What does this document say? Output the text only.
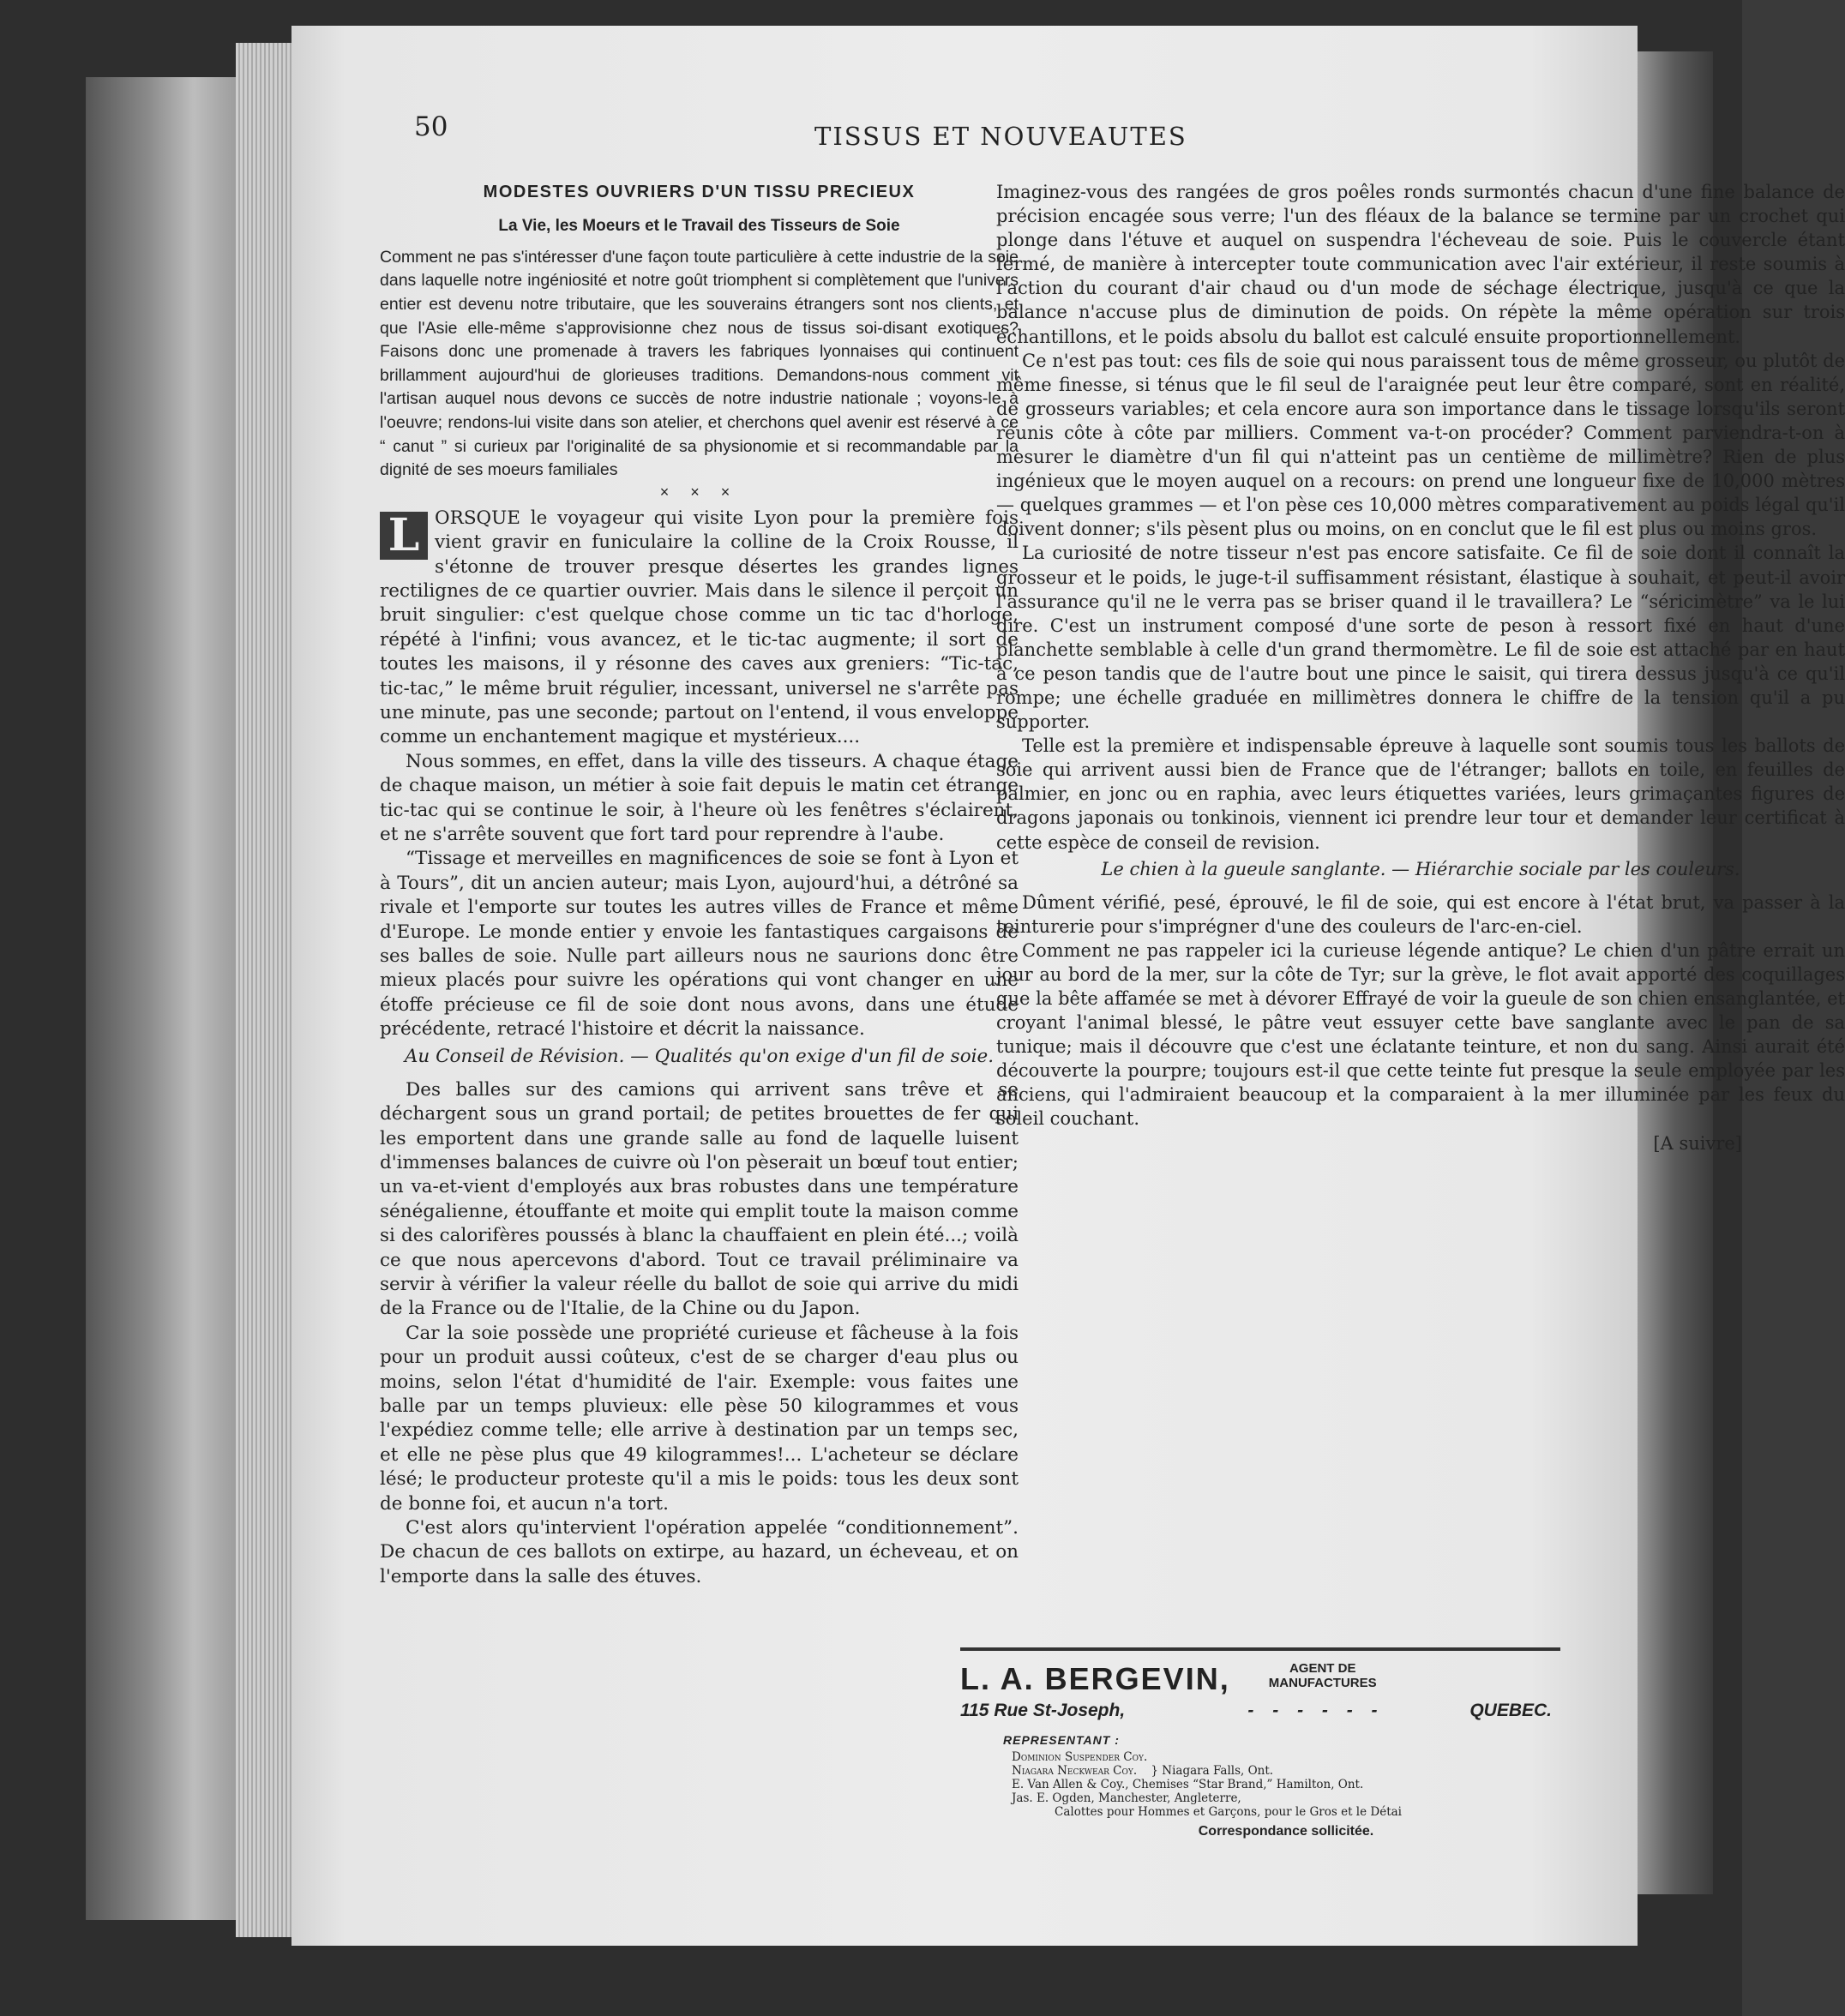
50	TISSUS ET NOUVEAUTES
MODESTES OUVRIERS D'UN TISSU PRECIEUX
La Vie, les Moeurs et le Travail des Tisseurs de Soie
Comment ne pas s'intéresser d'une façon toute particulière à cette industrie de la soie dans laquelle notre ingéniosité et notre goût triomphent si complètement que l'univers entier est devenu notre tributaire, que les souverains étrangers sont nos clients, et que l'Asie elle-même s'approvisionne chez nous de tissus soi-disant exotiques? Faisons donc une promenade à travers les fabriques lyonnaises qui continuent brillamment aujourd'hui de glorieuses traditions. Demandons-nous comment vit l'artisan auquel nous devons ce succès de notre industrie nationale ; voyons-le à l'oeuvre; rendons-lui visite dans son atelier, et cherchons quel avenir est réservé à ce “ canut ” si curieux par l'originalité de sa physionomie et si recommandable par la dignité de ses moeurs familiales
× × ×

L ORSQUE le voyageur qui visite Lyon pour la première fois vient gravir en funiculaire la colline de la Croix Rousse, il s'étonne de trouver presque désertes les grandes lignes rectilignes de ce quartier ouvrier. Mais dans le silence il perçoit un bruit singulier: c'est quelque chose comme un tic tac d'horloge, répété à l'infini; vous avancez, et le tic-tac augmente; il sort de toutes les maisons, il y résonne des caves aux greniers: “Tic-tac, tic-tac,” le même bruit régulier, incessant, universel ne s'arrête pas une minute, pas une seconde; partout on l'entend, il vous enveloppe comme un enchantement magique et mystérieux....

Nous sommes, en effet, dans la ville des tisseurs. A chaque étage de chaque maison, un métier à soie fait depuis le matin cet étrange tic-tac qui se continue le soir, à l'heure où les fenêtres s'éclairent, et ne s'arrête souvent que fort tard pour reprendre à l'aube.

“Tissage et merveilles en magnificences de soie se font à Lyon et à Tours”, dit un ancien auteur; mais Lyon, aujourd'hui, a détrôné sa rivale et l'emporte sur toutes les autres villes de France et même d'Europe. Le monde entier y envoie les fantastiques cargaisons de ses balles de soie. Nulle part ailleurs nous ne saurions donc être mieux placés pour suivre les opérations qui vont changer en une étoffe précieuse ce fil de soie dont nous avons, dans une étude précédente, retracé l'histoire et décrit la naissance.

Au Conseil de Révision. — Qualités qu'on exige d'un fil de soie.

Des balles sur des camions qui arrivent sans trêve et se déchargent sous un grand portail; de petites brouettes de fer qui les emportent dans une grande salle au fond de laquelle luisent d'immenses balances de cuivre où l'on pèserait un bœuf tout entier; un va-et-vient d'employés aux bras robustes dans une température sénégalienne, étouffante et moite qui emplit toute la maison comme si des calorifères poussés à blanc la chauffaient en plein été...; voilà ce que nous apercevons d'abord. Tout ce travail préliminaire va servir à vérifier la valeur réelle du ballot de soie qui arrive du midi de la France ou de l'Italie, de la Chine ou du Japon.

Car la soie possède une propriété curieuse et fâcheuse à la fois pour un produit aussi coûteux, c'est de se charger d'eau plus ou moins, selon l'état d'humidité de l'air. Exemple: vous faites une balle par un temps pluvieux: elle pèse 50 kilogrammes et vous l'expédiez comme telle; elle arrive à destination par un temps sec, et elle ne pèse plus que 49 kilogrammes!... L'acheteur se déclare lésé; le producteur proteste qu'il a mis le poids: tous les deux sont de bonne foi, et aucun n'a tort.

C'est alors qu'intervient l'opération appelée “conditionnement”. De chacun de ces ballots on extirpe, au hazard, un écheveau, et on l'emporte dans la salle des étuves.

Imaginez-vous des rangées de gros poêles ronds surmontés chacun d'une fine balance de précision encagée sous verre; l'un des fléaux de la balance se termine par un crochet qui plonge dans l'étuve et auquel on suspendra l'écheveau de soie. Puis le couvercle étant fermé, de manière à intercepter toute communication avec l'air extérieur, il reste soumis à l'action du courant d'air chaud ou d'un mode de séchage électrique, jusqu'à ce que la balance n'accuse plus de diminution de poids. On répète la même opération sur trois échantillons, et le poids absolu du ballot est calculé ensuite proportionnellement.

Ce n'est pas tout: ces fils de soie qui nous paraissent tous de même grosseur, ou plutôt de même finesse, si ténus que le fil seul de l'araignée peut leur être comparé, sont en réalité, de grosseurs variables; et cela encore aura son importance dans le tissage lorsqu'ils seront réunis côte à côte par milliers. Comment va-t-on procéder? Comment parviendra-t-on à mesurer le diamètre d'un fil qui n'atteint pas un centième de millimètre? Rien de plus ingénieux que le moyen auquel on a recours: on prend une longueur fixe de 10,000 mètres — quelques grammes — et l'on pèse ces 10,000 mètres comparativement au poids légal qu'il doivent donner; s'ils pèsent plus ou moins, on en conclut que le fil est plus ou moins gros.

La curiosité de notre tisseur n'est pas encore satisfaite. Ce fil de soie dont il connaît la grosseur et le poids, le juge-t-il suffisamment résistant, élastique à souhait, et peut-il avoir l'assurance qu'il ne le verra pas se briser quand il le travaillera? Le “séricimètre” va le lui dire. C'est un instrument composé d'une sorte de peson à ressort fixé en haut d'une planchette semblable à celle d'un grand thermomètre. Le fil de soie est attaché par en haut à ce peson tandis que de l'autre bout une pince le saisit, qui tirera dessus jusqu'à ce qu'il rompe; une échelle graduée en millimètres donnera le chiffre de la tension qu'il a pu supporter.

Telle est la première et indispensable épreuve à laquelle sont soumis tous les ballots de soie qui arrivent aussi bien de France que de l'étranger; ballots en toile, en feuilles de palmier, en jonc ou en raphia, avec leurs étiquettes variées, leurs grimaçantes figures de dragons japonais ou tonkinois, viennent ici prendre leur tour et demander leur certificat à cette espèce de conseil de revision.

Le chien à la gueule sanglante. — Hiérarchie sociale par les couleurs.

Dûment vérifié, pesé, éprouvé, le fil de soie, qui est encore à l'état brut, va passer à la teinturerie pour s'imprégner d'une des couleurs de l'arc-en-ciel.

Comment ne pas rappeler ici la curieuse légende antique? Le chien d'un pâtre errait un jour au bord de la mer, sur la côte de Tyr; sur la grève, le flot avait apporté des coquillages que la bête affamée se met à dévorer Effrayé de voir la gueule de son chien ensanglantée, et croyant l'animal blessé, le pâtre veut essuyer cette bave sanglante avec le pan de sa tunique; mais il découvre que c'est une éclatante teinture, et non du sang. Ainsi aurait été découverte la pourpre; toujours est-il que cette teinte fut presque la seule employée par les anciens, qui l'admiraient beaucoup et la comparaient à la mer illuminée par les feux du soleil couchant.

[A suivre]
L. A. BERGEVIN,	AGENT DE
MANUFACTURES
115 Rue St-Joseph,	- - - - - -	QUEBEC.
REPRESENTANT :
Dominion Suspender Coy.
Niagara Neckwear Coy. } Niagara Falls, Ont.
E. Van Allen & Coy., Chemises “Star Brand,” Hamilton, Ont.
Jas. E. Ogden, Manchester, Angleterre,
Calottes pour Hommes et Garçons, pour le Gros et le Détai
Correspondance sollicitée.
